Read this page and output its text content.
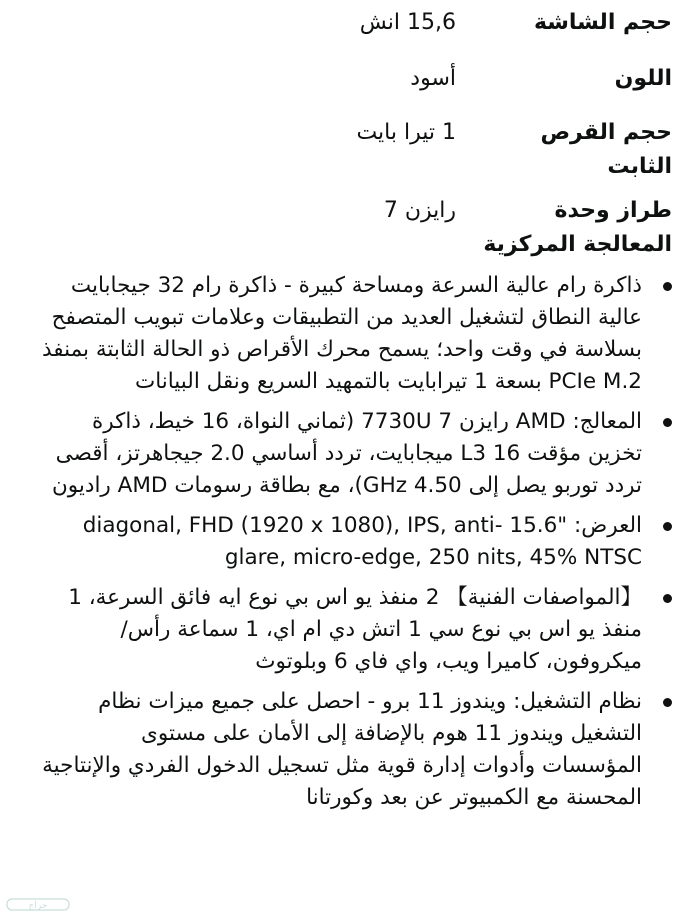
حجم الشاشة
15,6 انش
اللون
أسود
حجم القرص الثابت
1 تيرا بايت
طراز وحدة المعالجة المركزية
رايزن 7
ذاكرة رام عالية السرعة ومساحة كبيرة - ذاكرة رام 32 جيجابايت عالية النطاق لتشغيل العديد من التطبيقات وعلامات تبويب المتصفح بسلاسة في وقت واحد؛ يسمح محرك الأقراص ذو الحالة الثابتة بمنفذ PCIe M.2 بسعة 1 تيرابايت بالتمهيد السريع ونقل البيانات
المعالج: AMD رايزن 7 7730U (ثماني النواة، 16 خيط، ذاكرة تخزين مؤقت L3 16 ميجابايت، تردد أساسي 2.0 جيجاهرتز، أقصى تردد توربو يصل إلى GHz 4.50)، مع بطاقة رسومات AMD راديون
العرض: "15.6 diagonal, FHD (1920 x 1080), IPS, anti-glare, micro-edge, 250 nits, 45% NTSC
【المواصفات الفنية】 2 منفذ يو اس بي نوع ايه فائق السرعة، 1 منفذ يو اس بي نوع سي 1 اتش دي ام اي، 1 سماعة رأس/ميكروفون، كاميرا ويب، واي فاي 6 وبلوتوث
نظام التشغيل: ويندوز 11 برو - احصل على جميع ميزات نظام التشغيل ويندوز 11 هوم بالإضافة إلى الأمان على مستوى المؤسسات وأدوات إدارة قوية مثل تسجيل الدخول الفردي والإنتاجية المحسنة مع الكمبيوتر عن بعد وكورتانا
حراج
